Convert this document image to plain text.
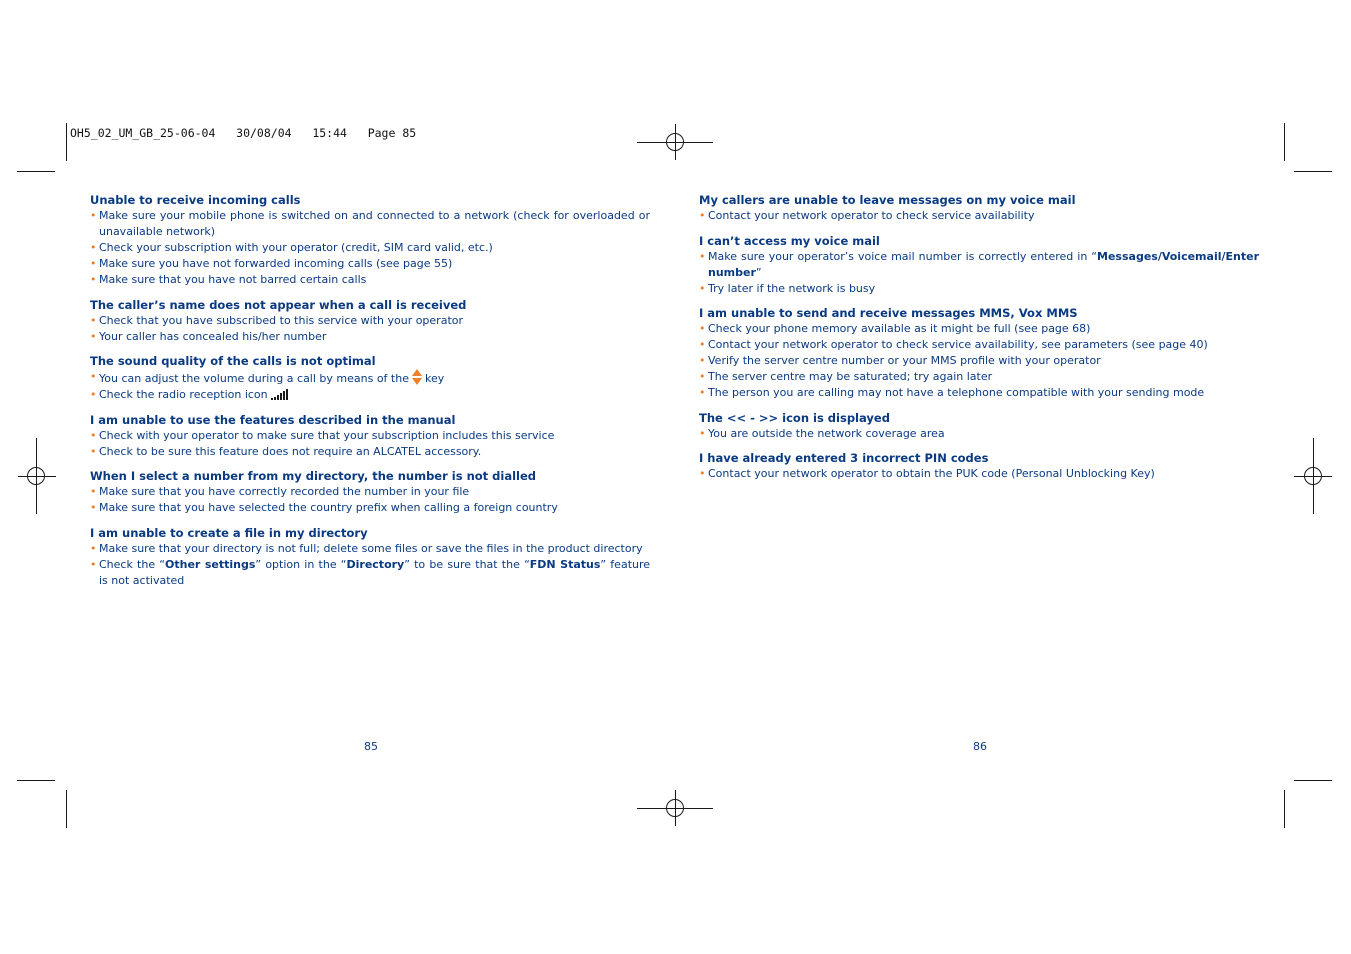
OH5_02_UM_GB_25-06-04   30/08/04   15:44   Page 85

Unable to receive incoming calls
• Make sure your mobile phone is switched on and connected to a network (check for overloaded or unavailable network)
• Check your subscription with your operator (credit, SIM card valid, etc.)
• Make sure you have not forwarded incoming calls (see page 55)
• Make sure that you have not barred certain calls
The caller’s name does not appear when a call is received
• Check that you have subscribed to this service with your operator
• Your caller has concealed his/her number
The sound quality of the calls is not optimal
• You can adjust the volume during a call by means of the key
• Check the radio reception icon
I am unable to use the features described in the manual
• Check with your operator to make sure that your subscription includes this service
• Check to be sure this feature does not require an ALCATEL accessory.
When I select a number from my directory, the number is not dialled
• Make sure that you have correctly recorded the number in your file
• Make sure that you have selected the country prefix when calling a foreign country
I am unable to create a file in my directory
• Make sure that your directory is not full; delete some files or save the files in the product directory
• Check the “Other settings” option in the “Directory” to be sure that the “FDN Status” feature is not activated
My callers are unable to leave messages on my voice mail
• Contact your network operator to check service availability
I can’t access my voice mail
• Make sure your operator’s voice mail number is correctly entered in “Messages/Voicemail/Enter number”
• Try later if the network is busy
I am unable to send and receive messages MMS, Vox MMS
• Check your phone memory available as it might be full (see page 68)
• Contact your network operator to check service availability, see parameters (see page 40)
• Verify the server centre number or your MMS profile with your operator
• The server centre may be saturated; try again later
• The person you are calling may not have a telephone compatible with your sending mode
The << - >> icon is displayed
• You are outside the network coverage area
I have already entered 3 incorrect PIN codes
• Contact your network operator to obtain the PUK code (Personal Unblocking Key)
85	86
